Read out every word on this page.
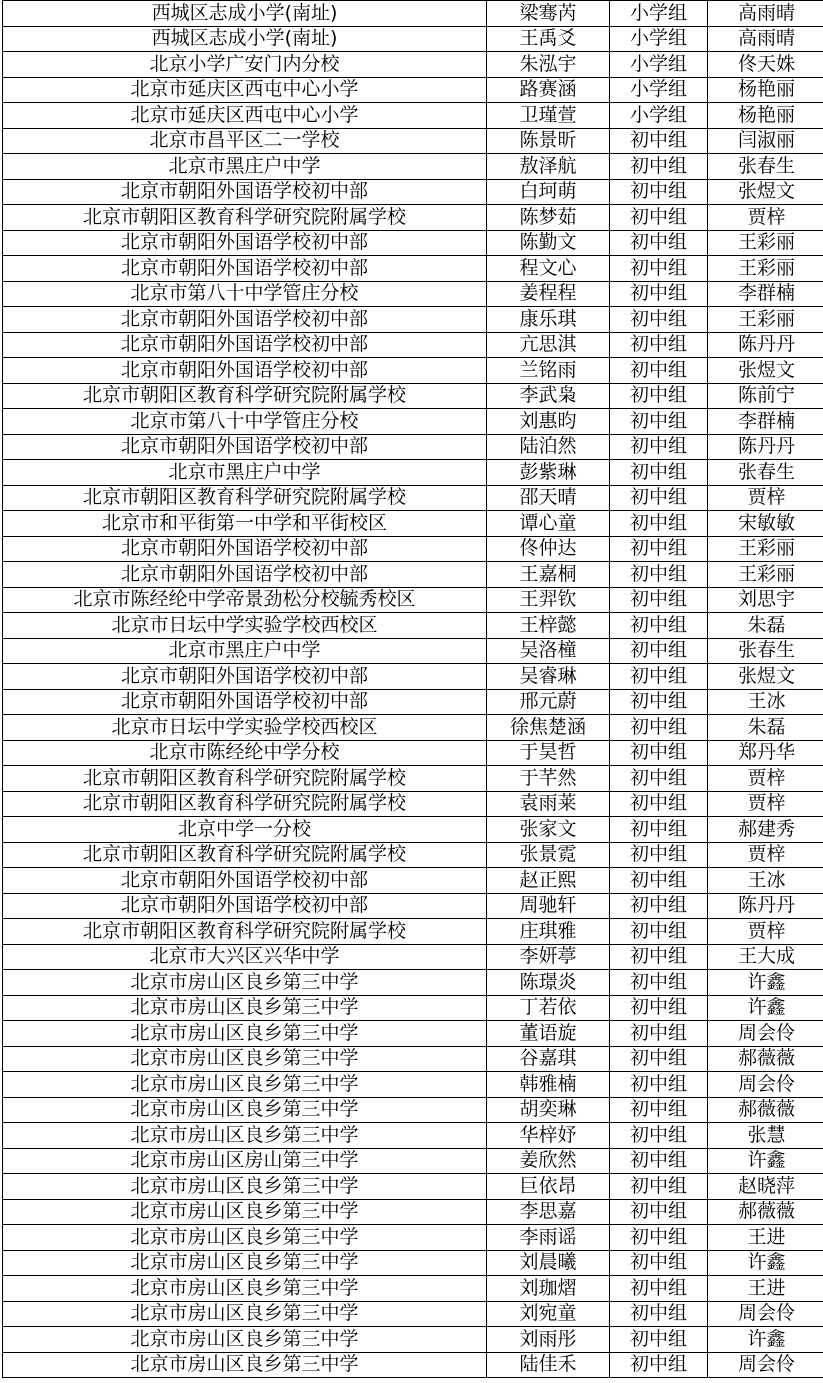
西城区志成小学(南址)	梁骞芮	小学组	高雨晴	
西城区志成小学(南址)	王禹爻	小学组	高雨晴	
北京小学广安门内分校	朱泓宇	小学组	佟天姝	
北京市延庆区西屯中心小学	路赛涵	小学组	杨艳丽	
北京市延庆区西屯中心小学	卫瑾萱	小学组	杨艳丽	
北京市昌平区二一学校	陈景昕	初中组	闫淑丽	
北京市黑庄户中学	敖泽航	初中组	张春生	
北京市朝阳外国语学校初中部	白珂萌	初中组	张煜文	
北京市朝阳区教育科学研究院附属学校	陈梦茹	初中组	贾梓	
北京市朝阳外国语学校初中部	陈勤文	初中组	王彩丽	
北京市朝阳外国语学校初中部	程文心	初中组	王彩丽	
北京市第八十中学管庄分校	姜程程	初中组	李群楠	
北京市朝阳外国语学校初中部	康乐琪	初中组	王彩丽	
北京市朝阳外国语学校初中部	亢思淇	初中组	陈丹丹	
北京市朝阳外国语学校初中部	兰铭雨	初中组	张煜文	
北京市朝阳区教育科学研究院附属学校	李武枭	初中组	陈前宁	
北京市第八十中学管庄分校	刘惠昀	初中组	李群楠	
北京市朝阳外国语学校初中部	陆泊然	初中组	陈丹丹	
北京市黑庄户中学	彭紫琳	初中组	张春生	
北京市朝阳区教育科学研究院附属学校	邵天晴	初中组	贾梓	
北京市和平街第一中学和平街校区	谭心童	初中组	宋敏敏	
北京市朝阳外国语学校初中部	佟仲达	初中组	王彩丽	
北京市朝阳外国语学校初中部	王嘉桐	初中组	王彩丽	
北京市陈经纶中学帝景劲松分校毓秀校区	王羿钦	初中组	刘思宇	
北京市日坛中学实验学校西校区	王梓懿	初中组	朱磊	
北京市黑庄户中学	吴洛橦	初中组	张春生	
北京市朝阳外国语学校初中部	吴睿琳	初中组	张煜文	
北京市朝阳外国语学校初中部	邢元蔚	初中组	王冰	
北京市日坛中学实验学校西校区	徐焦楚涵	初中组	朱磊	
北京市陈经纶中学分校	于昊哲	初中组	郑丹华	
北京市朝阳区教育科学研究院附属学校	于芊然	初中组	贾梓	
北京市朝阳区教育科学研究院附属学校	袁雨莱	初中组	贾梓	
北京中学一分校	张家文	初中组	郝建秀	
北京市朝阳区教育科学研究院附属学校	张景霓	初中组	贾梓	
北京市朝阳外国语学校初中部	赵正熙	初中组	王冰	
北京市朝阳外国语学校初中部	周驰轩	初中组	陈丹丹	
北京市朝阳区教育科学研究院附属学校	庄琪雅	初中组	贾梓	
北京市大兴区兴华中学	李妍葶	初中组	王大成	
北京市房山区良乡第三中学	陈璟炎	初中组	许鑫	
北京市房山区良乡第三中学	丁若依	初中组	许鑫	
北京市房山区良乡第三中学	董语旋	初中组	周会伶	
北京市房山区良乡第三中学	谷嘉琪	初中组	郝薇薇	
北京市房山区良乡第三中学	韩雅楠	初中组	周会伶	
北京市房山区良乡第三中学	胡奕琳	初中组	郝薇薇	
北京市房山区良乡第三中学	华梓妤	初中组	张慧	
北京市房山区房山第三中学	姜欣然	初中组	许鑫	
北京市房山区良乡第三中学	巨依昂	初中组	赵晓萍	
北京市房山区良乡第三中学	李思嘉	初中组	郝薇薇	
北京市房山区良乡第三中学	李雨谣	初中组	王进	
北京市房山区良乡第三中学	刘晨曦	初中组	许鑫	
北京市房山区良乡第三中学	刘珈熠	初中组	王进	
北京市房山区良乡第三中学	刘宛童	初中组	周会伶	
北京市房山区良乡第三中学	刘雨彤	初中组	许鑫	
北京市房山区良乡第三中学	陆佳禾	初中组	周会伶	
